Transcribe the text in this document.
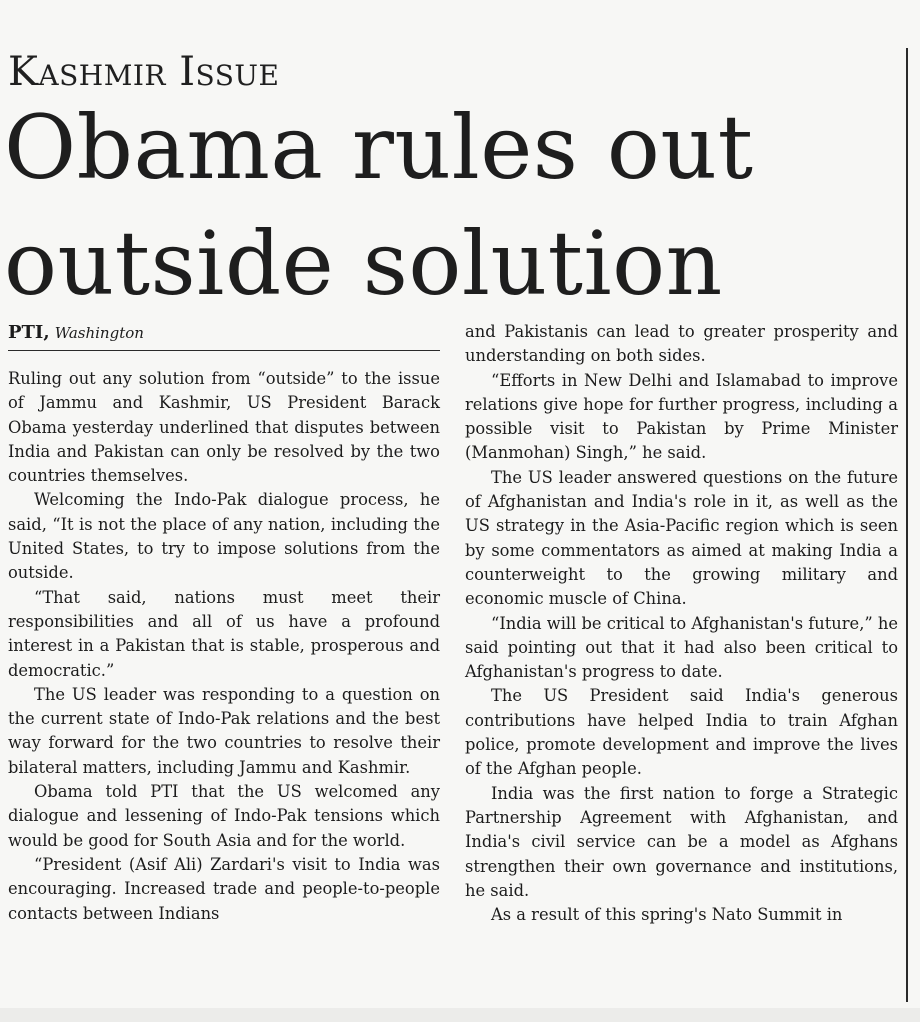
Kashmir Issue
Obama rules out
outside solution
PTI, Washington

Ruling out any solution from “outside” to the issue of Jammu and Kashmir, US President Barack Obama yesterday underlined that disputes between India and Pakistan can only be resolved by the two countries themselves.

Welcoming the Indo-Pak dialogue process, he said, “It is not the place of any nation, including the United States, to try to impose solutions from the outside.

“That said, nations must meet their responsibilities and all of us have a profound interest in a Pakistan that is stable, prosperous and democratic.”

The US leader was responding to a question on the current state of Indo-Pak relations and the best way forward for the two countries to resolve their bilateral matters, including Jammu and Kashmir.

Obama told PTI that the US welcomed any dialogue and lessening of Indo-Pak tensions which would be good for South Asia and for the world.

“President (Asif Ali) Zardari's visit to India was encouraging. Increased trade and people-to-people contacts between Indians

and Pakistanis can lead to greater prosperity and understanding on both sides.

“Efforts in New Delhi and Islamabad to improve relations give hope for further progress, including a possible visit to Pakistan by Prime Minister (Manmohan) Singh,” he said.

The US leader answered questions on the future of Afghanistan and India's role in it, as well as the US strategy in the Asia-Pacific region which is seen by some commentators as aimed at making India a counterweight to the growing military and economic muscle of China.

“India will be critical to Afghanistan's future,” he said pointing out that it had also been critical to Afghanistan's progress to date.

The US President said India's generous contributions have helped India to train Afghan police, promote development and improve the lives of the Afghan people.

India was the first nation to forge a Strategic Partnership Agreement with Afghanistan, and India's civil service can be a model as Afghans strengthen their own governance and institutions, he said.

As a result of this spring's Nato Summit in
